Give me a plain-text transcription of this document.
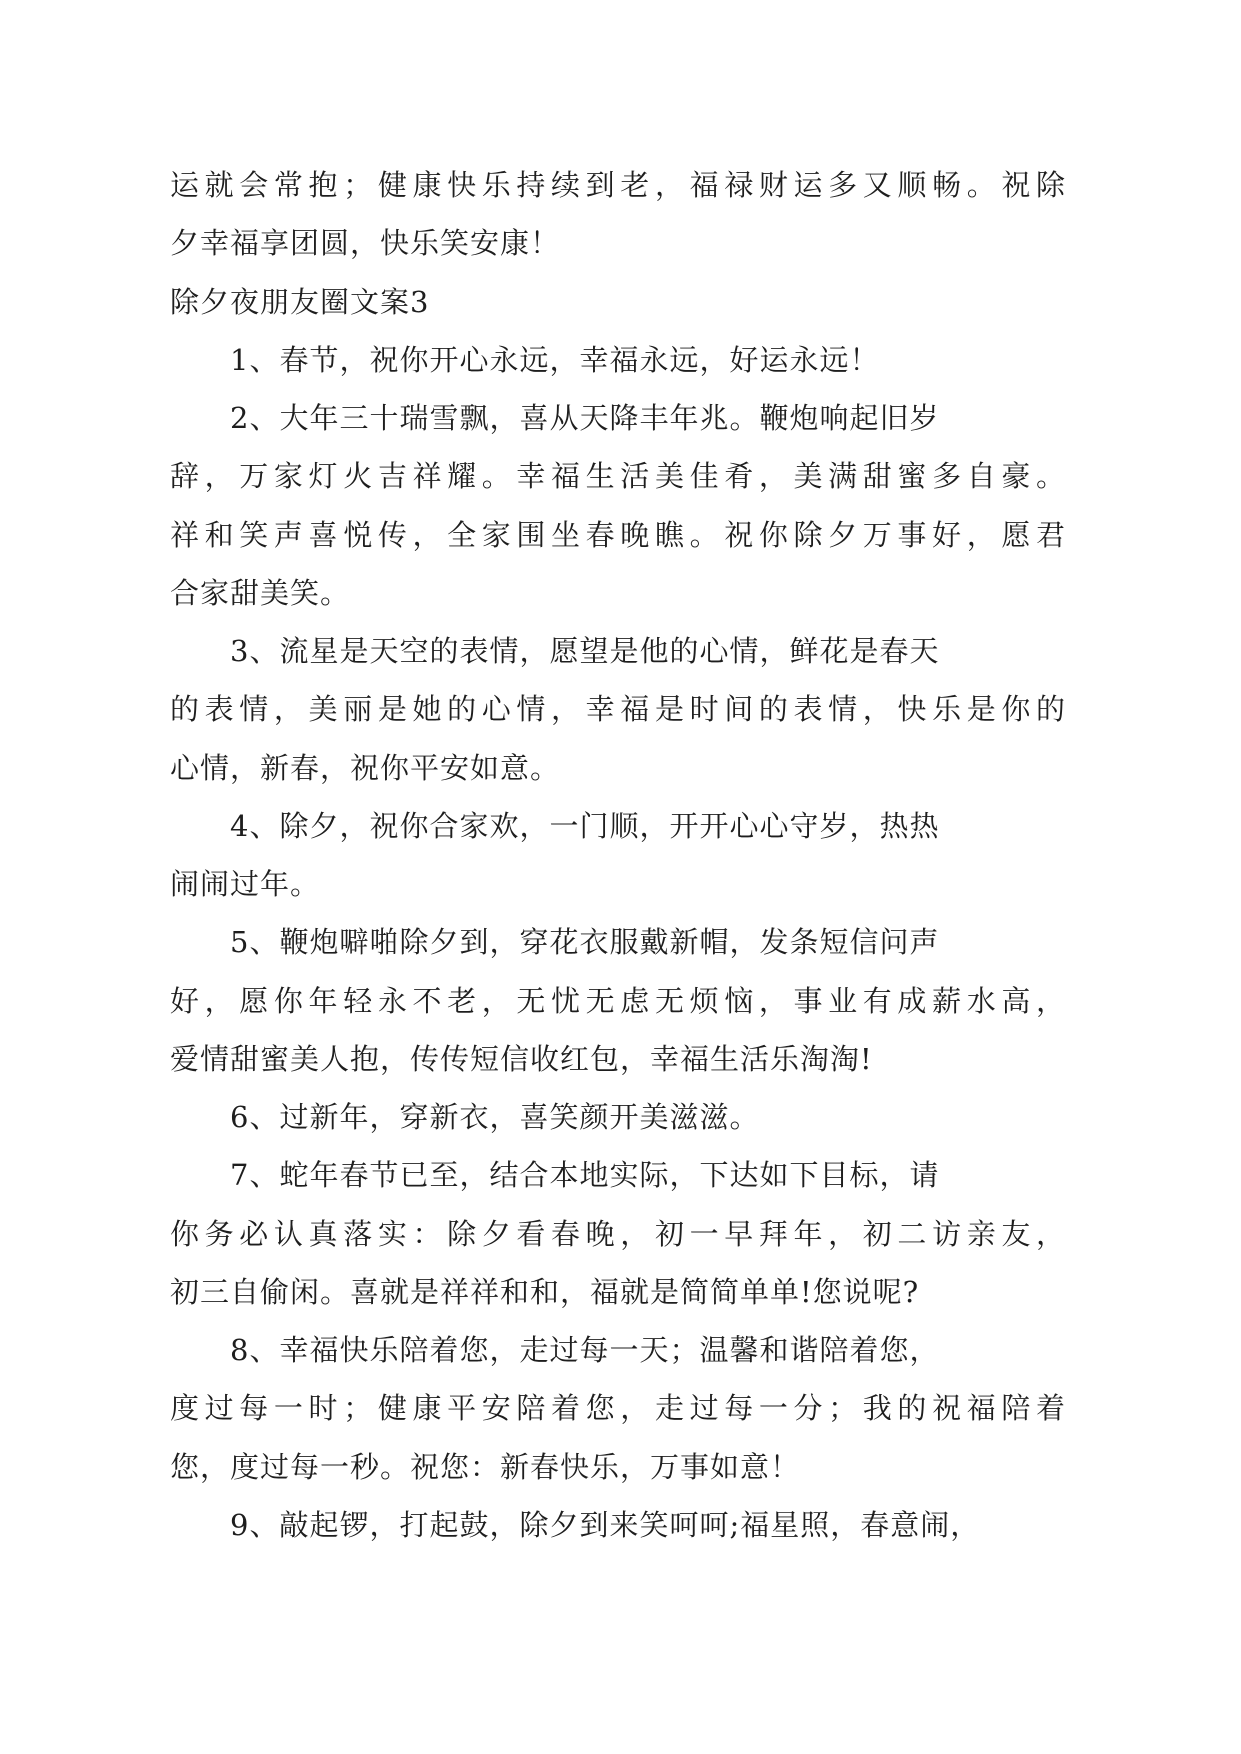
运就会常抱；健康快乐持续到老，福禄财运多又顺畅。祝除
夕幸福享团圆，快乐笑安康！
除夕夜朋友圈文案3
1、春节，祝你开心永远，幸福永远，好运永远！
2、大年三十瑞雪飘，喜从天降丰年兆。鞭炮响起旧岁
辞，万家灯火吉祥耀。幸福生活美佳肴，美满甜蜜多自豪。
祥和笑声喜悦传，全家围坐春晚瞧。祝你除夕万事好，愿君
合家甜美笑。
3、流星是天空的表情，愿望是他的心情，鲜花是春天
的表情，美丽是她的心情，幸福是时间的表情，快乐是你的
心情，新春，祝你平安如意。
4、除夕，祝你合家欢，一门顺，开开心心守岁，热热
闹闹过年。
5、鞭炮噼啪除夕到，穿花衣服戴新帽，发条短信问声
好，愿你年轻永不老，无忧无虑无烦恼，事业有成薪水高，
爱情甜蜜美人抱，传传短信收红包，幸福生活乐淘淘!
6、过新年，穿新衣，喜笑颜开美滋滋。
7、蛇年春节已至，结合本地实际，下达如下目标，请
你务必认真落实：除夕看春晚，初一早拜年，初二访亲友，
初三自偷闲。喜就是祥祥和和，福就是简简单单!您说呢?
8、幸福快乐陪着您，走过每一天；温馨和谐陪着您，
度过每一时；健康平安陪着您，走过每一分；我的祝福陪着
您，度过每一秒。祝您：新春快乐，万事如意！
9、敲起锣，打起鼓，除夕到来笑呵呵;福星照，春意闹，
